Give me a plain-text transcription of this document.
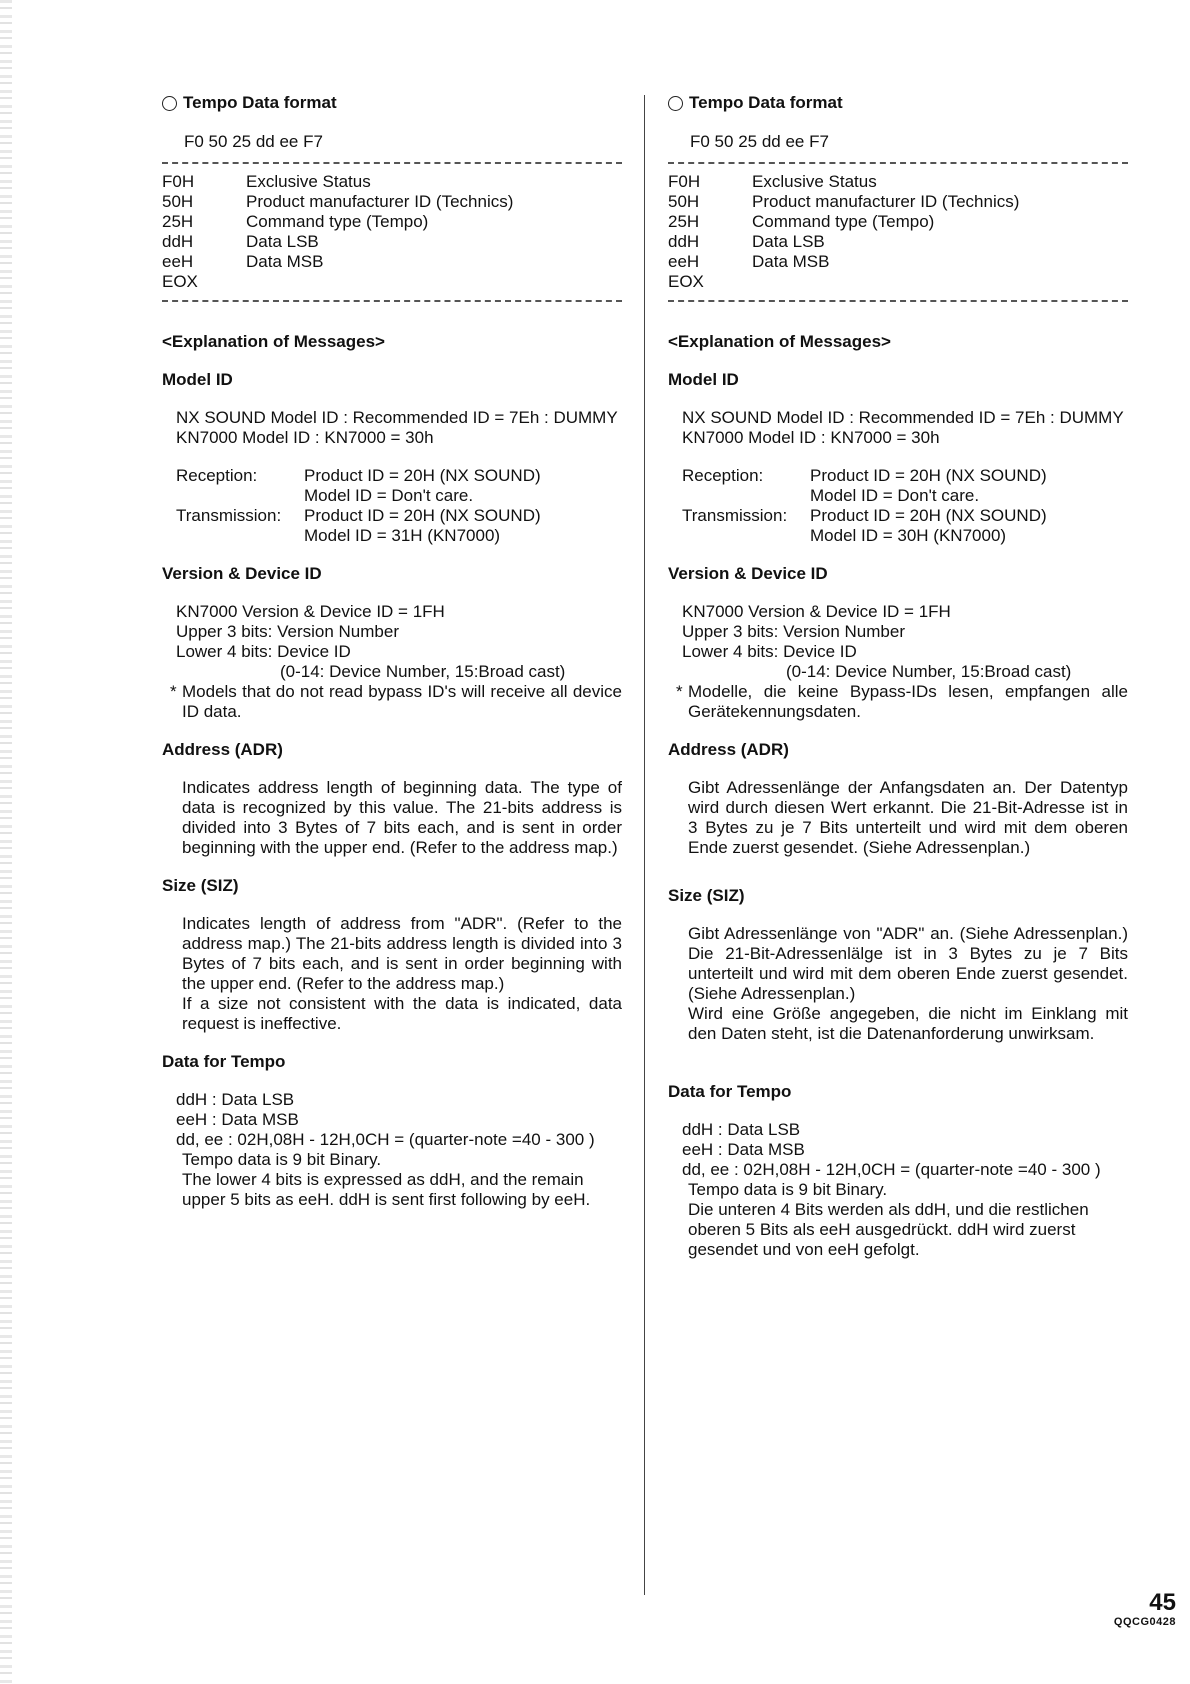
Tempo Data format
F0 50 25 dd ee F7
F0H	Exclusive Status
50H	Product manufacturer ID (Technics)
25H	Command type (Tempo)
ddH	Data LSB
eeH	Data MSB
EOX
<Explanation of Messages>
Model ID
NX SOUND Model ID : Recommended ID = 7Eh : DUMMY
KN7000 Model ID : KN7000 = 30h
Reception:	Product ID = 20H (NX SOUND)
Model ID = Don't care.
Transmission:	Product ID = 20H (NX SOUND)
Model ID = 31H (KN7000)
Version & Device ID
KN7000 Version & Device ID = 1FH
Upper 3 bits: Version Number
Lower 4 bits: Device ID
(0-14: Device Number, 15:Broad cast)
* Models that do not read bypass ID's will receive all device ID data.
Address (ADR)
Indicates address length of beginning data. The type of data is recognized by this value. The 21-bits address is divided into 3 Bytes of 7 bits each, and is sent in order beginning with the upper end. (Refer to the address map.)
Size (SIZ)
Indicates length of address from "ADR". (Refer to the address map.) The 21-bits address length is divided into 3 Bytes of 7 bits each, and is sent in order beginning with the upper end. (Refer to the address map.)
If a size not consistent with the data is indicated, data request is ineffective.
Data for Tempo
ddH : Data LSB
eeH : Data MSB
dd, ee : 02H,08H - 12H,0CH = (quarter-note =40 - 300 )
Tempo data is 9 bit Binary.
The lower 4 bits is expressed as ddH, and the remain upper 5 bits as eeH. ddH is sent first following by eeH.
Tempo Data format
F0 50 25 dd ee F7
F0H	Exclusive Status
50H	Product manufacturer ID (Technics)
25H	Command type (Tempo)
ddH	Data LSB
eeH	Data MSB
EOX
<Explanation of Messages>
Model ID
NX SOUND Model ID : Recommended ID = 7Eh : DUMMY
KN7000 Model ID : KN7000 = 30h
Reception:	Product ID = 20H (NX SOUND)
Model ID = Don't care.
Transmission:	Product ID = 20H (NX SOUND)
Model ID = 30H (KN7000)
Version & Device ID
KN7000 Version & Device ID = 1FH
Upper 3 bits: Version Number
Lower 4 bits: Device ID
(0-14: Device Number, 15:Broad cast)
* Modelle, die keine Bypass-IDs lesen, empfangen alle Gerätekennungsdaten.
Address (ADR)
Gibt Adressenlänge der Anfangsdaten an. Der Datentyp wird durch diesen Wert erkannt. Die 21-Bit-Adresse ist in 3 Bytes zu je 7 Bits unterteilt und wird mit dem oberen Ende zuerst gesendet. (Siehe Adressenplan.)
Size (SIZ)
Gibt Adressenlänge von "ADR" an. (Siehe Adressenplan.) Die 21-Bit-Adressenlälge ist in 3 Bytes zu je 7 Bits unterteilt und wird mit dem oberen Ende zuerst gesendet. (Siehe Adressenplan.)
Wird eine Größe angegeben, die nicht im Einklang mit den Daten steht, ist die Datenanforderung unwirksam.
Data for Tempo
ddH : Data LSB
eeH : Data MSB
dd, ee : 02H,08H - 12H,0CH = (quarter-note =40 - 300 )
Tempo data is 9 bit Binary.
Die unteren 4 Bits werden als ddH, und die restlichen oberen 5 Bits als eeH ausgedrückt. ddH wird zuerst gesendet und von eeH gefolgt.
45
QQCG0428
